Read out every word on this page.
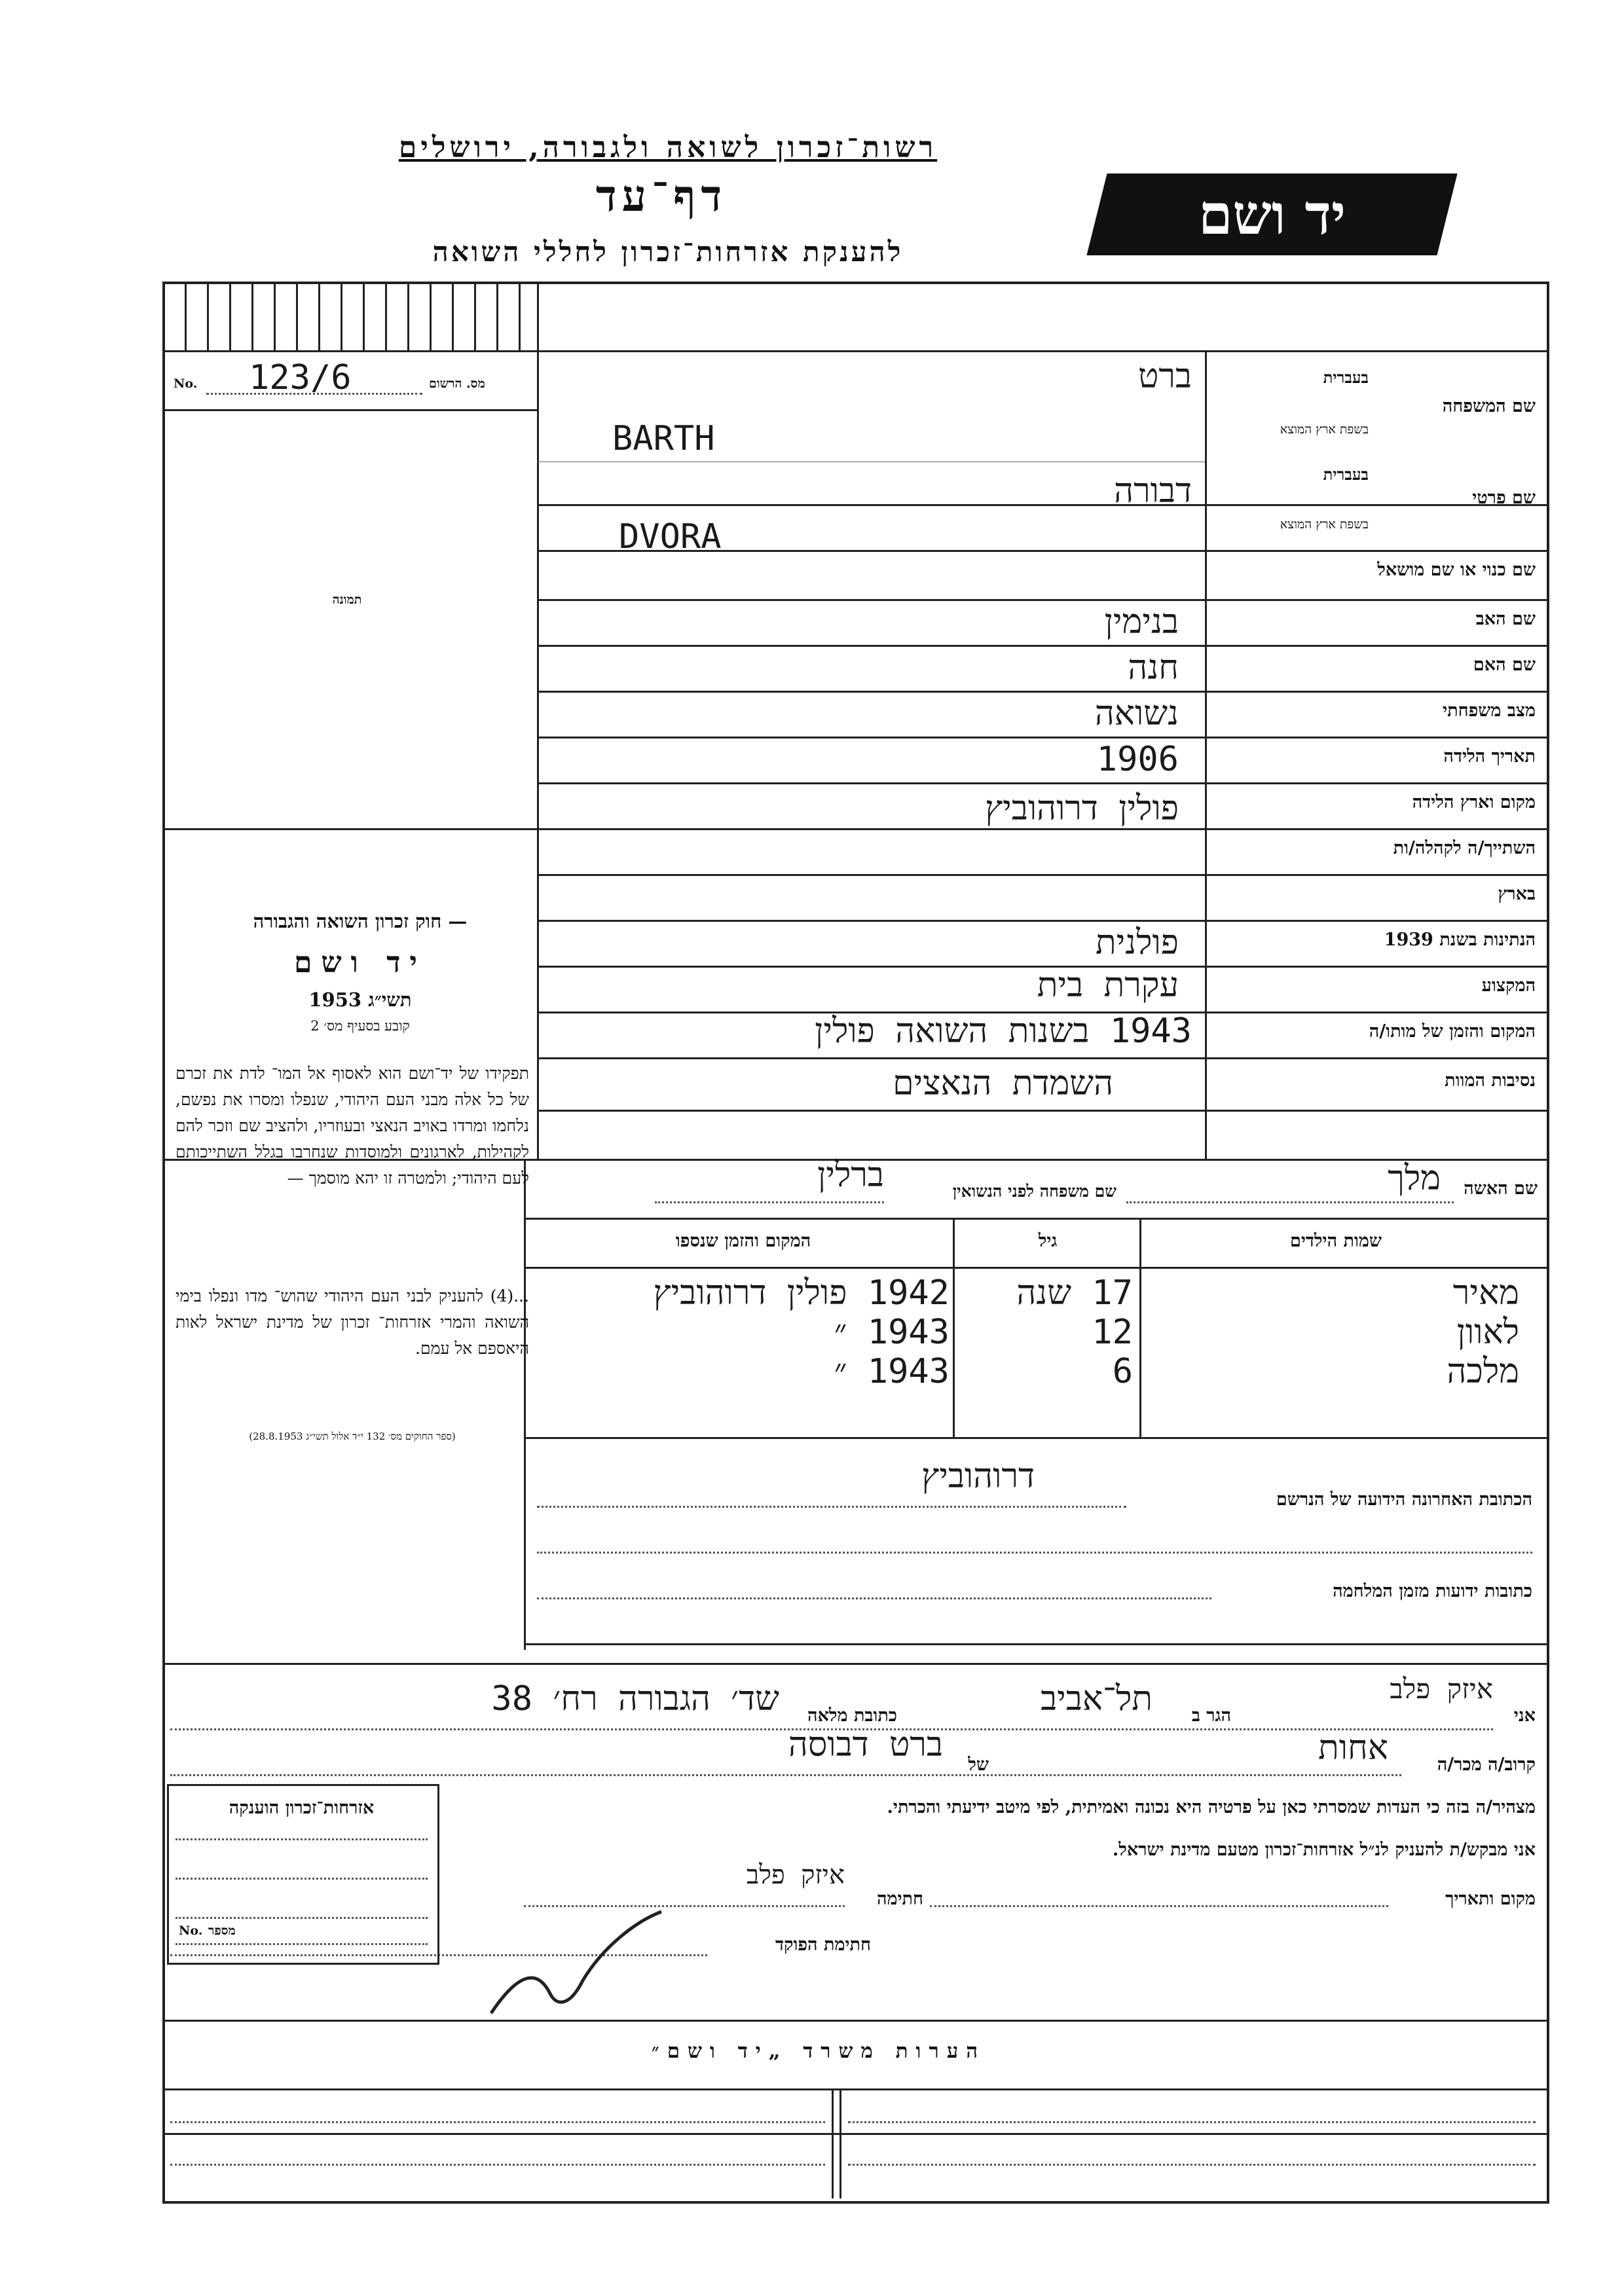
רשות־זכרון לשואה ולגבורה, ירושלים
דף־עד
להענקת אזרחות־זכרון לחללי השואה
יד ושם
No. 123/6	מס. הרשום
תמונה
— חוק זכרון השואה והגבורה
יד ושם
תשי״ג 1953
קובע בסעיף מס׳ 2
תפקידו של יד־ושם הוא לאסוף אל המו־ לדת את זכרם של כל אלה מבני העם היהודי, שנפלו ומסרו את נפשם, נלחמו ומרדו באויב הנאצי ובעוזריו, ולהציב שם וזכר להם לקהילות, לארגונים ולמוסדות שנחרבו בגלל השתייכותם לעם היהודי; ולמטרה זו יהא מוסמך —
...(4) להעניק לבני העם היהודי שהוש־ מדו ונפלו בימי השואה והמרי אזרחות־ זכרון של מדינת ישראל לאות היאספם אל עמם.
(ספר החוקים מס׳ 132 י״ד אלול תשי״ג 28.8.1953)
שם המשפחה
בעברית
בשפת ארץ המוצא
ברט
BARTH
שם פרטי
בעברית
בשפת ארץ המוצא
דבורה
DVORA
שם כנוי או שם מושאל
שם האב
בנימין
שם האם
חנה
מצב משפחתי
נשואה
תאריך הלידה
1906
מקום וארץ הלידה
פולין דרוהוביץ
השתייך/ה לקהלה/ות
בארץ
הנתינות בשנת 1939
פולנית
המקצוע
עקרת בית
המקום והזמן של מותו/ה
1943 בשנות השואה פולין
נסיבות המוות
השמדת הנאצים
שם האשה
מלך
שם משפחה לפני הנשואין
ברלין
שמות הילדים
גיל
המקום והזמן שנספו
מאיר
17 שנה
1942 פולין דרוהוביץ
לאוון
12
1943 ״
מלכה
6
1943 ״
הכתובת האחרונה הידועה של הנרשם
דרוהוביץ
כתובות ידועות מזמן המלחמה
אני
איזק פלב
הגר ב
תל־אביב
כתובת מלאה
שד׳ הגבורה רח׳ 38
קרוב/ה מכר/ה
אחות
של
ברט דבוסה
מצהיר/ה בזה כי העדות שמסרתי כאן על פרטיה היא נכונה ואמיתית, לפי מיטב ידיעתי והכרתי.
אני מבקש/ת להעניק לנ״ל אזרחות־זכרון מטעם מדינת ישראל.
מקום ותאריך
חתימה
איזק פלב
חתימת הפוקד
אזרחות־זכרון הוענקה
No. מספר
הערות משרד „יד ושם״
